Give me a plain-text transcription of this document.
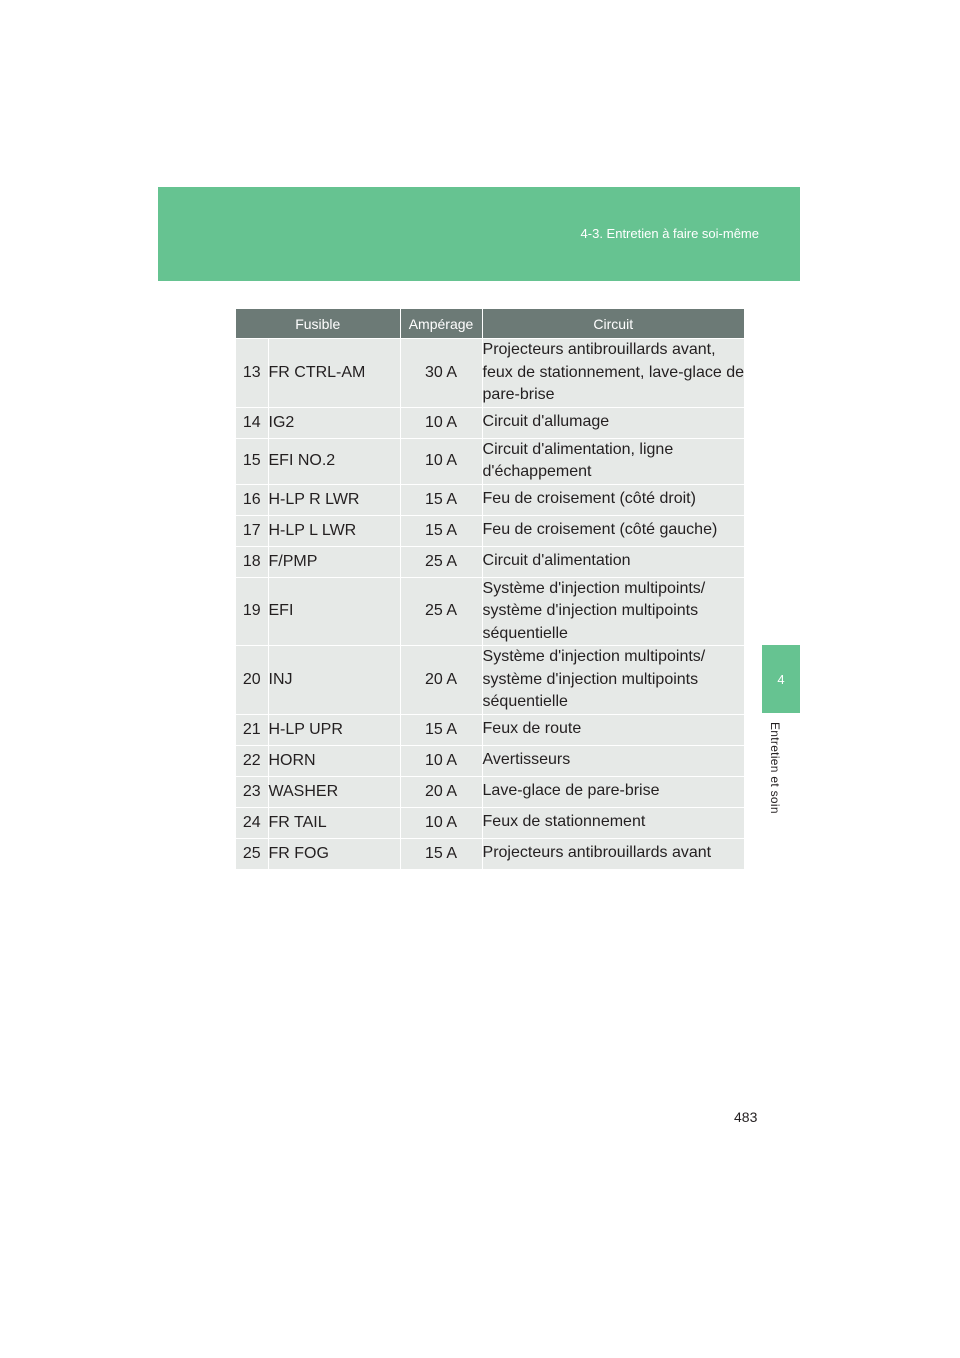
4-3. Entretien à faire soi-même
4
Entretien et soin
Fusible		Ampérage	Circuit
13	FR CTRL-AM	30 A	Projecteurs antibrouillards avant, feux de stationnement, lave-glace de pare-brise
14	IG2	10 A	Circuit d'allumage
15	EFI NO.2	10 A	Circuit d'alimentation, ligne d'échappement
16	H-LP R LWR	15 A	Feu de croisement (côté droit)
17	H-LP L LWR	15 A	Feu de croisement (côté gauche)
18	F/PMP	25 A	Circuit d'alimentation
19	EFI	25 A	Système d'injection multipoints/ système d'injection multipoints séquentielle
20	INJ	20 A	Système d'injection multipoints/ système d'injection multipoints séquentielle
21	H-LP UPR	15 A	Feux de route
22	HORN	10 A	Avertisseurs
23	WASHER	20 A	Lave-glace de pare-brise
24	FR TAIL	10 A	Feux de stationnement
25	FR FOG	15 A	Projecteurs antibrouillards avant
483
